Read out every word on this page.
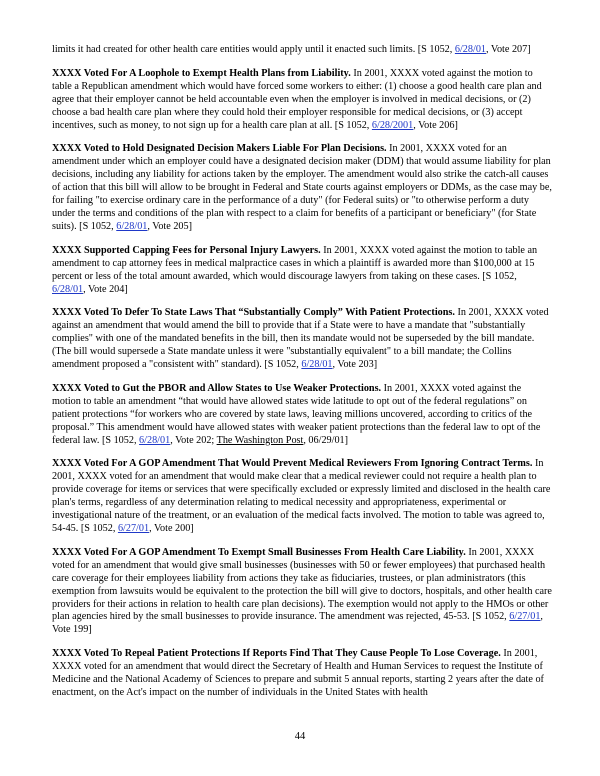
limits it had created for other health care entities would apply until it enacted such limits. [S 1052, 6/28/01, Vote 207]

XXXX Voted For A Loophole to Exempt Health Plans from Liability. In 2001, XXXX voted against the motion to table a Republican amendment which would have forced some workers to either: (1) choose a good health care plan and agree that their employer cannot be held accountable even when the employer is involved in medical decisions, or (2) choose a bad health care plan where they could hold their employer responsible for medical decisions, or (3) accept incentives, such as money, to not sign up for a health care plan at all. [S 1052, 6/28/2001, Vote 206]

XXXX Voted to Hold Designated Decision Makers Liable For Plan Decisions. In 2001, XXXX voted for an amendment under which an employer could have a designated decision maker (DDM) that would assume liability for plan decisions, including any liability for actions taken by the employer. The amendment would also strike the catch-all causes of action that this bill will allow to be brought in Federal and State courts against employers or DDMs, as the case may be, for failing "to exercise ordinary care in the performance of a duty" (for Federal suits) or "to otherwise perform a duty under the terms and conditions of the plan with respect to a claim for benefits of a participant or beneficiary" (for State suits). [S 1052, 6/28/01, Vote 205]

XXXX Supported Capping Fees for Personal Injury Lawyers. In 2001, XXXX voted against the motion to table an amendment to cap attorney fees in medical malpractice cases in which a plaintiff is awarded more than $100,000 at 15 percent or less of the total amount awarded, which would discourage lawyers from taking on these cases. [S 1052, 6/28/01, Vote 204]

XXXX Voted To Defer To State Laws That “Substantially Comply” With Patient Protections. In 2001, XXXX voted against an amendment that would amend the bill to provide that if a State were to have a mandate that "substantially complies" with one of the mandated benefits in the bill, then its mandate would not be superseded by the bill mandate. (The bill would supersede a State mandate unless it were "substantially equivalent" to a bill mandate; the Collins amendment proposed a "consistent with" standard). [S 1052, 6/28/01, Vote 203]

XXXX Voted to Gut the PBOR and Allow States to Use Weaker Protections. In 2001, XXXX voted against the motion to table an amendment “that would have allowed states wide latitude to opt out of the federal regulations” on patient protections “for workers who are covered by state laws, leaving millions uncovered, according to critics of the proposal.” This amendment would have allowed states with weaker patient protections than the federal law to opt of the federal law. [S 1052, 6/28/01, Vote 202; The Washington Post, 06/29/01]

XXXX Voted For A GOP Amendment That Would Prevent Medical Reviewers From Ignoring Contract Terms. In 2001, XXXX voted for an amendment that would make clear that a medical reviewer could not require a health plan to provide coverage for items or services that were specifically excluded or expressly limited and disclosed in the health care plan's terms, regardless of any determination relating to medical necessity and appropriateness, experimental or investigational nature of the treatment, or an evaluation of the medical facts involved. The motion to table was agreed to, 54-45. [S 1052, 6/27/01, Vote 200]

XXXX Voted For A GOP Amendment To Exempt Small Businesses From Health Care Liability. In 2001, XXXX voted for an amendment that would give small businesses (businesses with 50 or fewer employees) that purchased health care coverage for their employees liability from actions they take as fiduciaries, trustees, or plan administrators (this exemption from lawsuits would be equivalent to the protection the bill will give to doctors, hospitals, and other health care providers for their actions in relation to health care plan decisions). The exemption would not apply to the HMOs or other plan agencies hired by the small businesses to provide insurance. The amendment was rejected, 45-53. [S 1052, 6/27/01, Vote 199]

XXXX Voted To Repeal Patient Protections If Reports Find That They Cause People To Lose Coverage. In 2001, XXXX voted for an amendment that would direct the Secretary of Health and Human Services to request the Institute of Medicine and the National Academy of Sciences to prepare and submit 5 annual reports, starting 2 years after the date of enactment, on the Act's impact on the number of individuals in the United States with health

44
